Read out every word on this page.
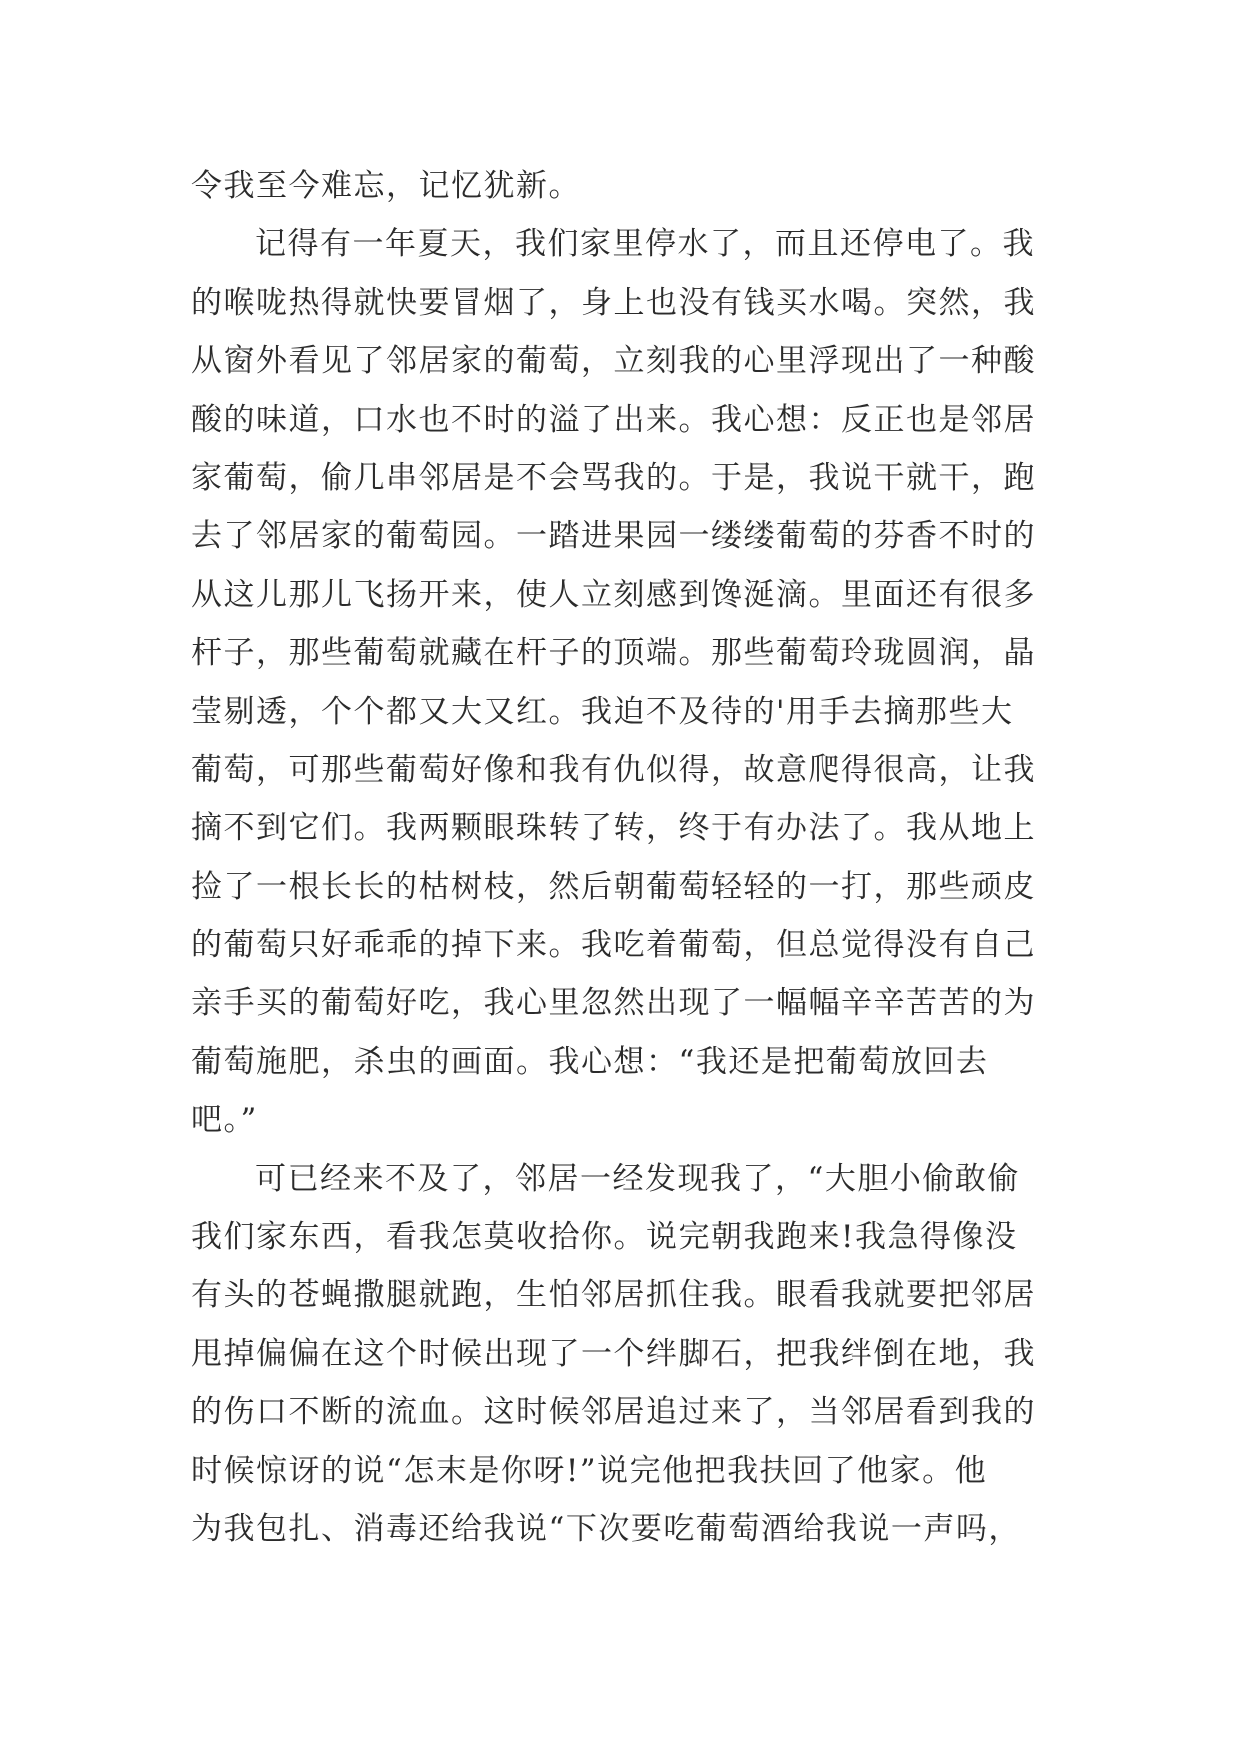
令我至今难忘，记忆犹新。
记得有一年夏天，我们家里停水了，而且还停电了。我
的喉咙热得就快要冒烟了，身上也没有钱买水喝。突然，我
从窗外看见了邻居家的葡萄，立刻我的心里浮现出了一种酸
酸的味道，口水也不时的溢了出来。我心想：反正也是邻居
家葡萄，偷几串邻居是不会骂我的。于是，我说干就干，跑
去了邻居家的葡萄园。一踏进果园一缕缕葡萄的芬香不时的
从这儿那儿飞扬开来，使人立刻感到馋涎滴。里面还有很多
杆子，那些葡萄就藏在杆子的顶端。那些葡萄玲珑圆润，晶
莹剔透，个个都又大又红。我迫不及待的'用手去摘那些大
葡萄，可那些葡萄好像和我有仇似得，故意爬得很高，让我
摘不到它们。我两颗眼珠转了转，终于有办法了。我从地上
捡了一根长长的枯树枝，然后朝葡萄轻轻的一打，那些顽皮
的葡萄只好乖乖的掉下来。我吃着葡萄，但总觉得没有自己
亲手买的葡萄好吃，我心里忽然出现了一幅幅辛辛苦苦的为
葡萄施肥，杀虫的画面。我心想：“我还是把葡萄放回去
吧。”
可已经来不及了，邻居一经发现我了，“大胆小偷敢偷
我们家东西，看我怎莫收拾你。说完朝我跑来!我急得像没
有头的苍蝇撒腿就跑，生怕邻居抓住我。眼看我就要把邻居
甩掉偏偏在这个时候出现了一个绊脚石，把我绊倒在地，我
的伤口不断的流血。这时候邻居追过来了，当邻居看到我的
时候惊讶的说“怎末是你呀!”说完他把我扶回了他家。他
为我包扎、消毒还给我说“下次要吃葡萄酒给我说一声吗，
